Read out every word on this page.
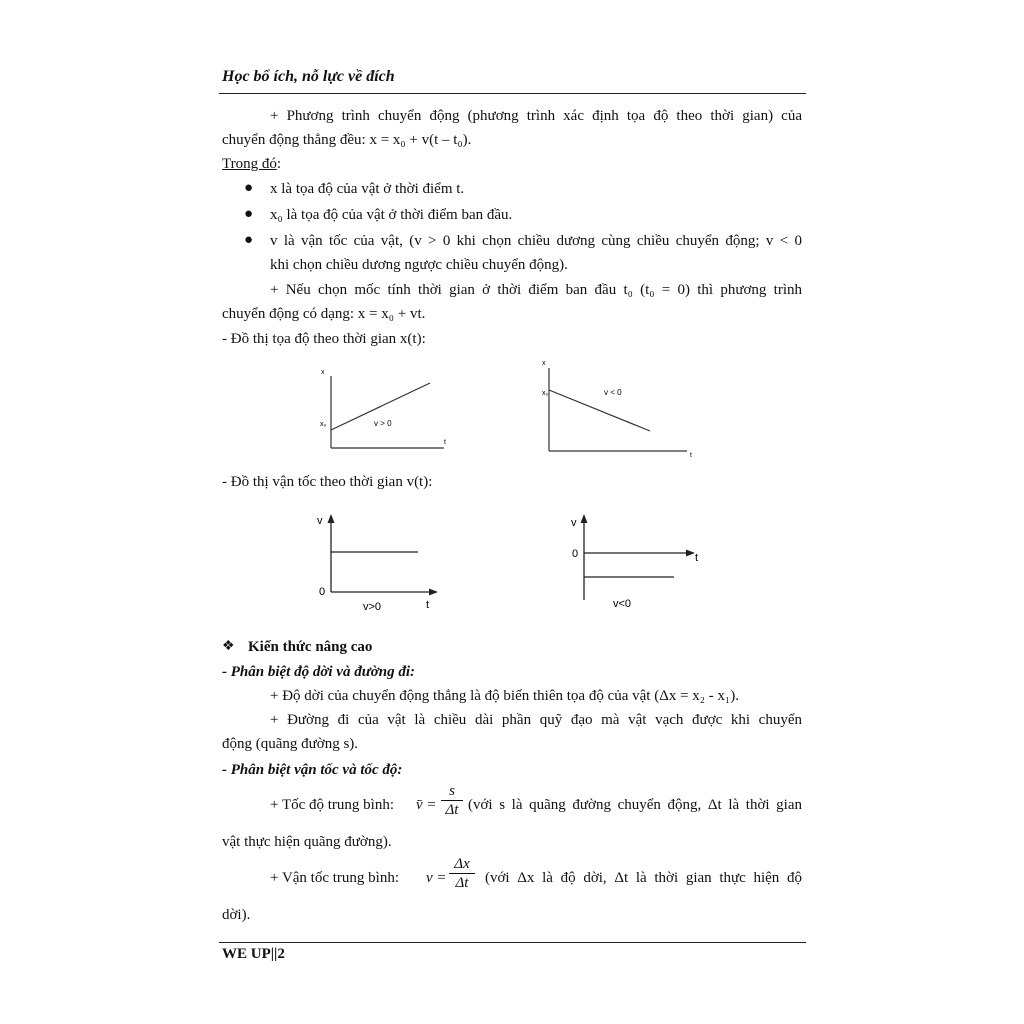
Học bổ ích, nỗ lực về đích
+ Phương trình chuyển động (phương trình xác định tọa độ theo thời gian) của
chuyển động thẳng đều: x = x₀ + v(t – t₀).
Trong đó:
● x là tọa độ của vật ở thời điểm t.
● x₀ là tọa độ của vật ở thời điểm ban đầu.
● v là vận tốc của vật, (v > 0 khi chọn chiều dương cùng chiều chuyển động; v < 0
khi chọn chiều dương ngược chiều chuyển động).
+ Nếu chọn mốc tính thời gian ở thời điểm ban đầu t₀ (t₀ = 0) thì phương trình
chuyển động có dạng: x = x₀ + vt.
- Đồ thị tọa độ theo thời gian x(t):
x
x₀	v > 0
t
x
x₀	v < 0
t
- Đồ thị vận tốc theo thời gian v(t):
v
0
v>0	t
v
0
v<0
t
❖ Kiến thức nâng cao
- Phân biệt độ dời và đường đi:
+ Độ dời của chuyển động thẳng là độ biến thiên tọa độ của vật (Δx = x₂ - x₁).
+ Đường đi của vật là chiều dài phần quỹ đạo mà vật vạch được khi chuyển
động (quãng đường s).
- Phân biệt vận tốc và tốc độ:
+ Tốc độ trung bình: v̄ =
s
Δt (với s là quãng đường chuyển động, Δt là thời gian
vật thực hiện quãng đường).
+ Vận tốc trung bình: v =
Δx
Δt	(với Δx là độ dời, Δt là thời gian thực hiện độ
dời).
WE UP||2
